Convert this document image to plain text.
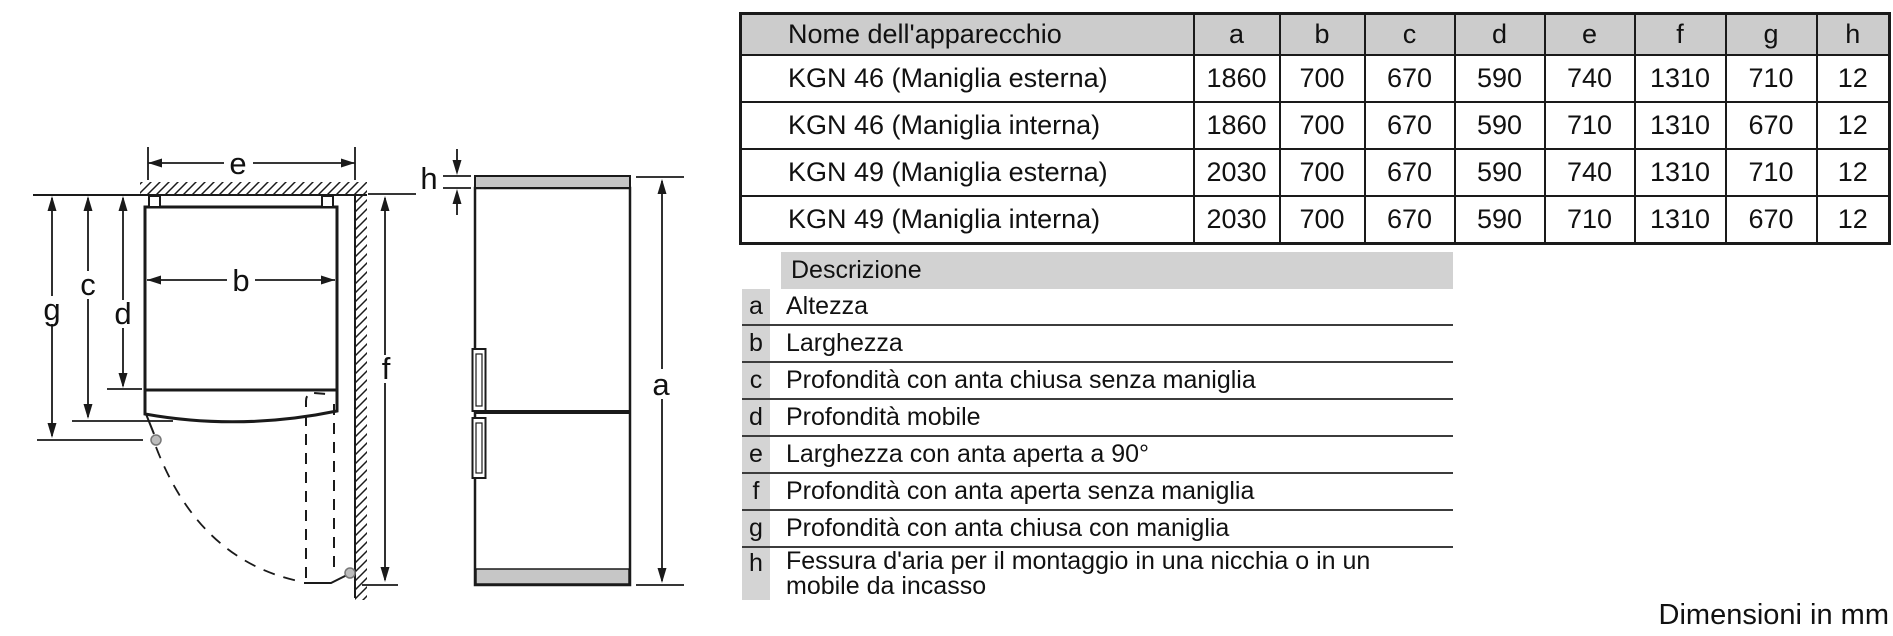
e
b
g
c
d
f
h
a
Nome dell'apparecchio	a	b	c	d	e	f	g	h
KGN 46 (Maniglia esterna)	1860	700	670	590	740	1310	710	12
KGN 46 (Maniglia interna)	1860	700	670	590	710	1310	670	12
KGN 49 (Maniglia esterna)	2030	700	670	590	740	1310	710	12
KGN 49 (Maniglia interna)	2030	700	670	590	710	1310	670	12
Descrizione
a Altezza
b Larghezza
c Profondità con anta chiusa senza maniglia
d Profondità mobile
e Larghezza con anta aperta a 90°
f	Profondità con anta aperta senza maniglia
g Profondità con anta chiusa con maniglia
h Fessura d'aria per il montaggio in una nicchia o in un mobile da incasso
Dimensioni in mm
